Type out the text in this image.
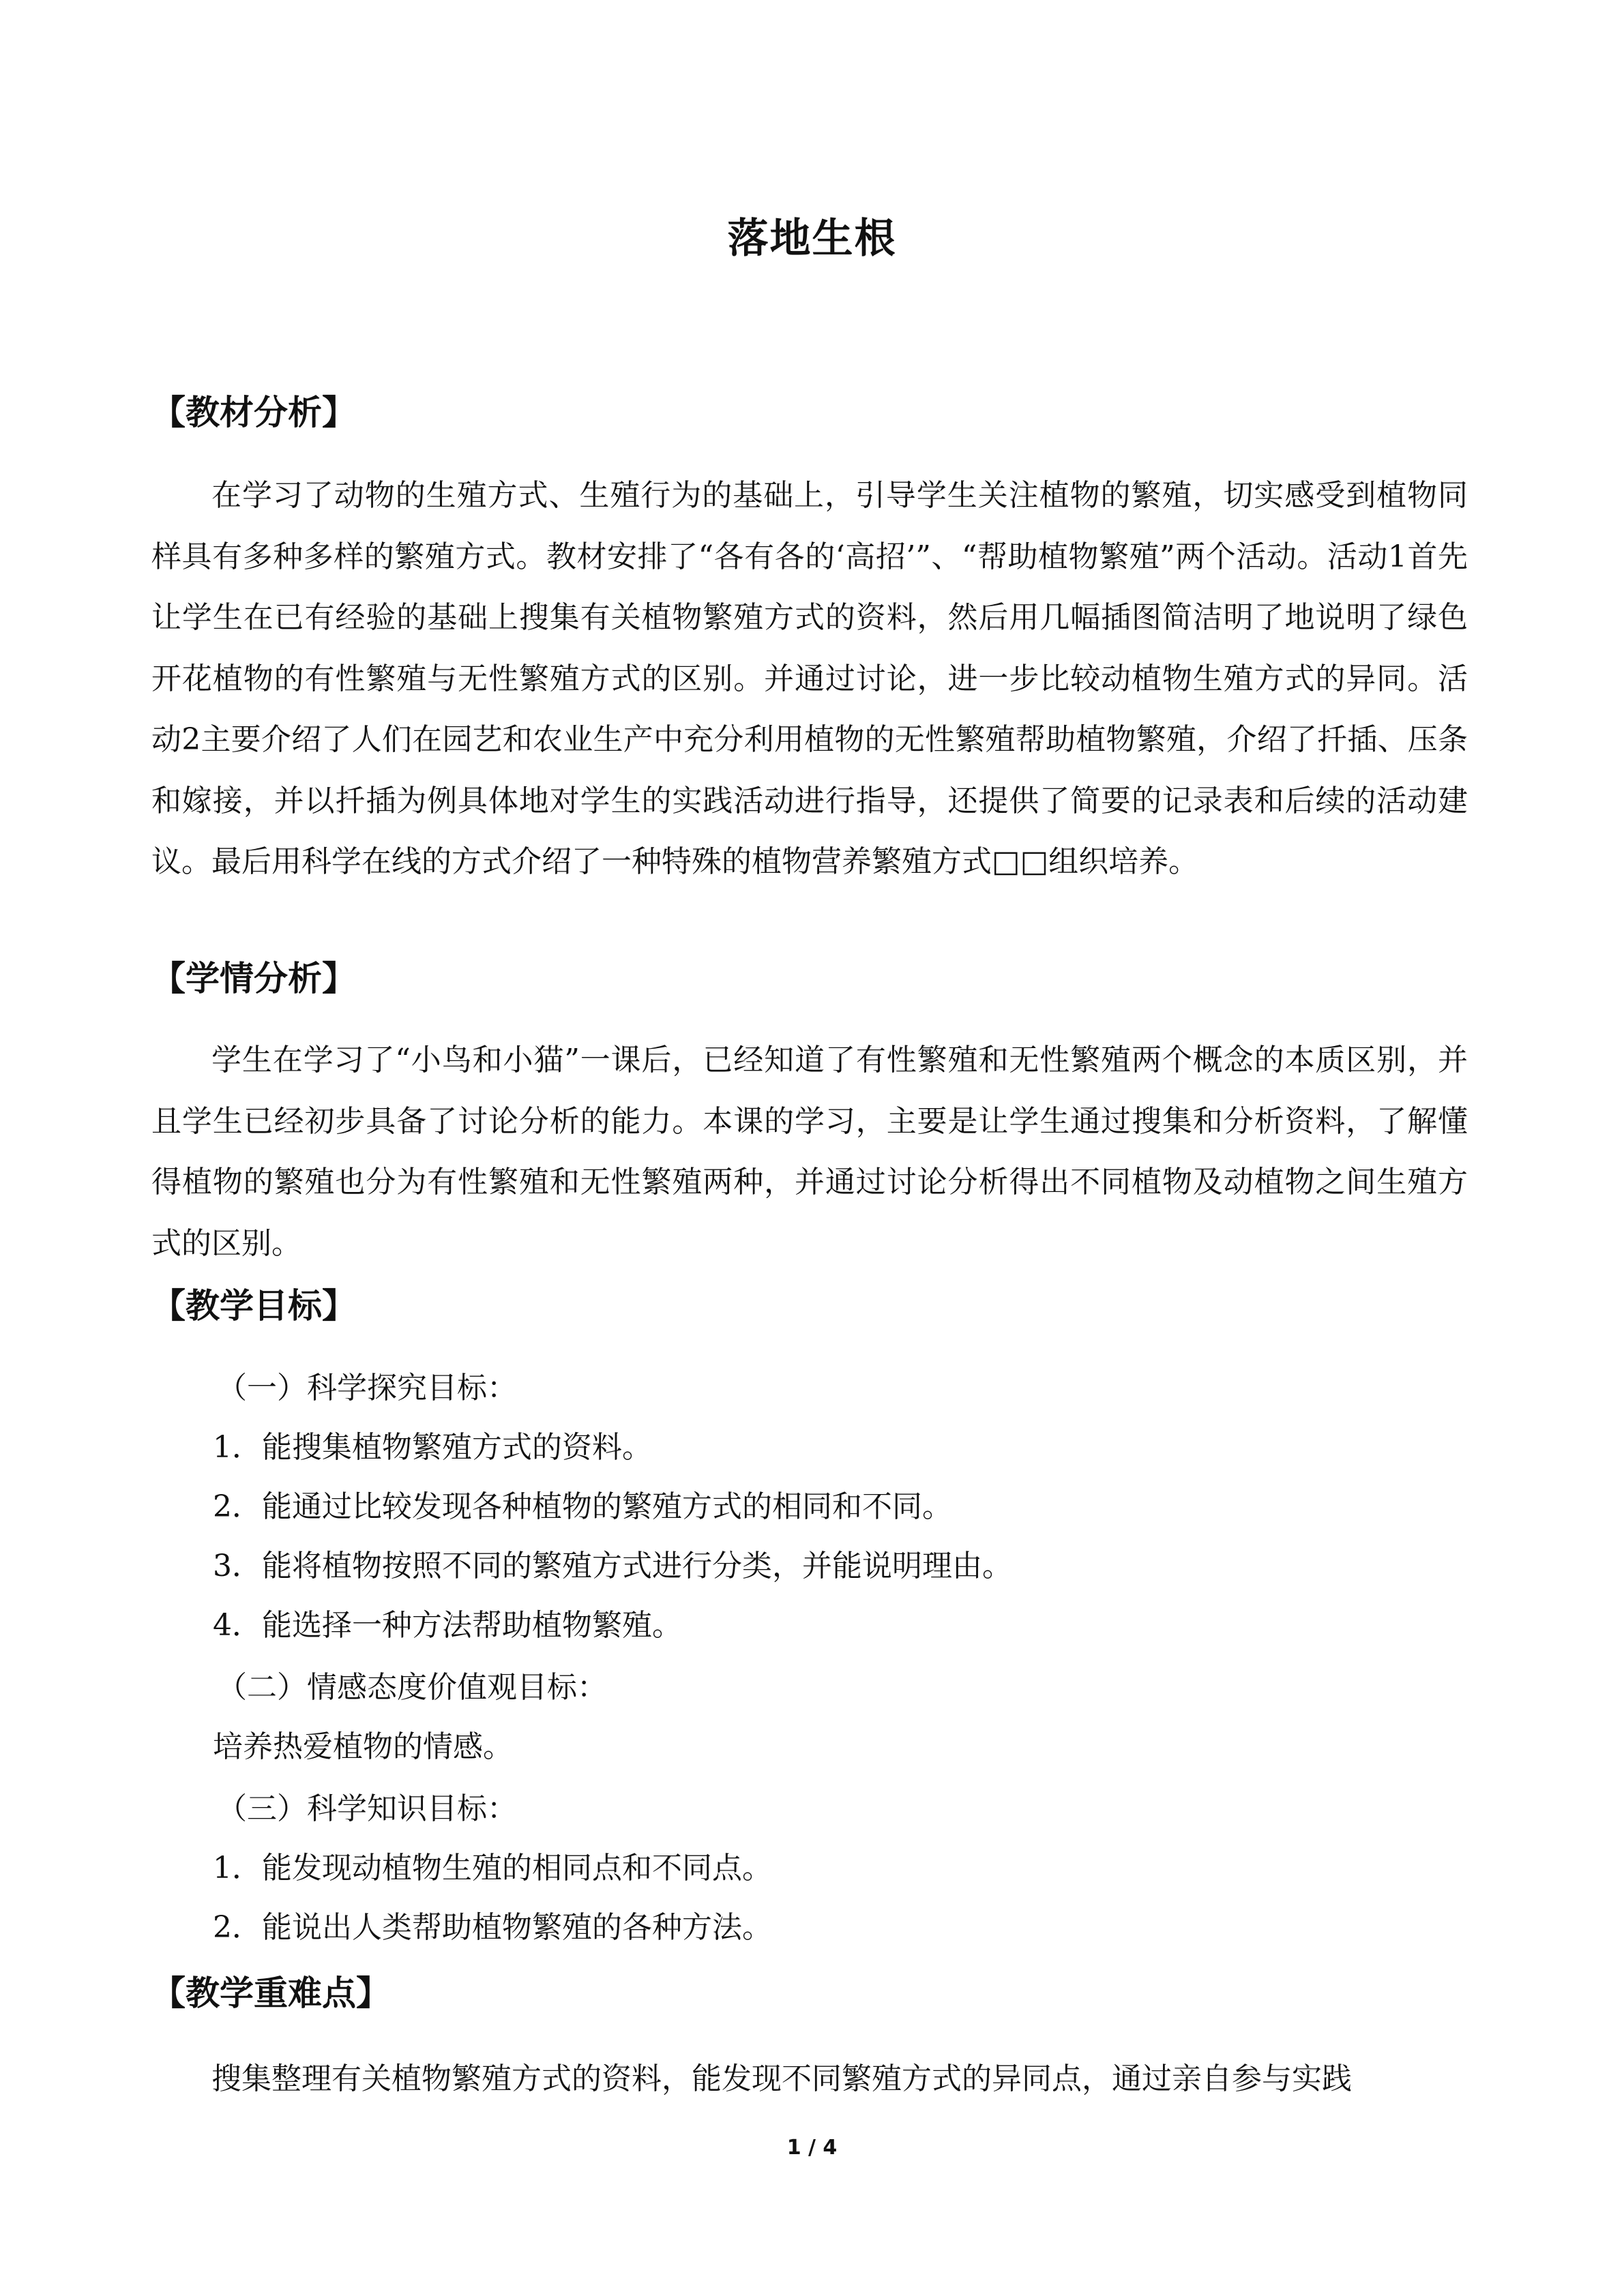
落地生根
【教材分析】
在学习了动物的生殖方式、生殖行为的基础上，引导学生关注植物的繁殖，切实感受到植物同样具有多种多样的繁殖方式。教材安排了“各有各的‘高招’”、“帮助植物繁殖”两个活动。活动1首先让学生在已有经验的基础上搜集有关植物繁殖方式的资料，然后用几幅插图简洁明了地说明了绿色开花植物的有性繁殖与无性繁殖方式的区别。并通过讨论，进一步比较动植物生殖方式的异同。活动2主要介绍了人们在园艺和农业生产中充分利用植物的无性繁殖帮助植物繁殖，介绍了扦插、压条和嫁接，并以扦插为例具体地对学生的实践活动进行指导，还提供了简要的记录表和后续的活动建议。最后用科学在线的方式介绍了一种特殊的植物营养繁殖方式□□组织培养。
【学情分析】
学生在学习了“小鸟和小猫”一课后，已经知道了有性繁殖和无性繁殖两个概念的本质区别，并且学生已经初步具备了讨论分析的能力。本课的学习，主要是让学生通过搜集和分析资料，了解懂得植物的繁殖也分为有性繁殖和无性繁殖两种，并通过讨论分析得出不同植物及动植物之间生殖方式的区别。
【教学目标】
（一）科学探究目标：
1．能搜集植物繁殖方式的资料。
2．能通过比较发现各种植物的繁殖方式的相同和不同。
3．能将植物按照不同的繁殖方式进行分类，并能说明理由。
4．能选择一种方法帮助植物繁殖。
（二）情感态度价值观目标：
培养热爱植物的情感。
（三）科学知识目标：
1．能发现动植物生殖的相同点和不同点。
2．能说出人类帮助植物繁殖的各种方法。
【教学重难点】
搜集整理有关植物繁殖方式的资料，能发现不同繁殖方式的异同点，通过亲自参与实践
1 / 4
